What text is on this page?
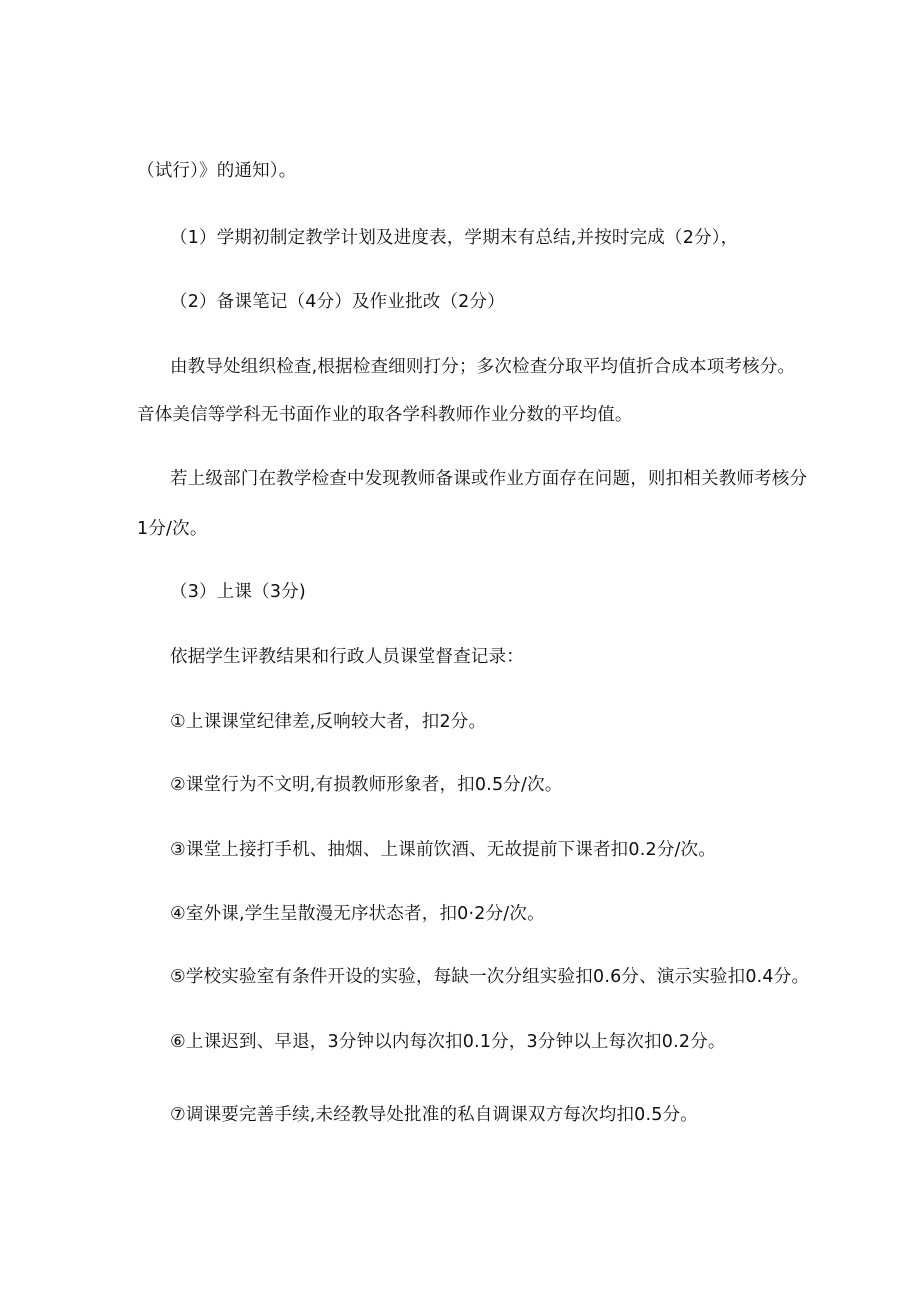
（试行）》的通知）。
（1）学期初制定教学计划及进度表，学期末有总结,并按时完成（2分），
（2）备课笔记（4分）及作业批改（2分）
由教导处组织检查,根据检查细则打分；多次检查分取平均值折合成本项考核分。
音体美信等学科无书面作业的取各学科教师作业分数的平均值。
若上级部门在教学检查中发现教师备课或作业方面存在问题，则扣相关教师考核分
1分/次。
（3）上课（3分)
依据学生评教结果和行政人员课堂督查记录：
①上课课堂纪律差,反响较大者，扣2分。
②课堂行为不文明,有损教师形象者，扣0.5分/次。
③课堂上接打手机、抽烟、上课前饮酒、无故提前下课者扣0.2分/次。
④室外课,学生呈散漫无序状态者，扣0·2分/次。
⑤学校实验室有条件开设的实验，每缺一次分组实验扣0.6分、演示实验扣0.4分。
⑥上课迟到、早退，3分钟以内每次扣0.1分，3分钟以上每次扣0.2分。
⑦调课要完善手续,未经教导处批准的私自调课双方每次均扣0.5分。
